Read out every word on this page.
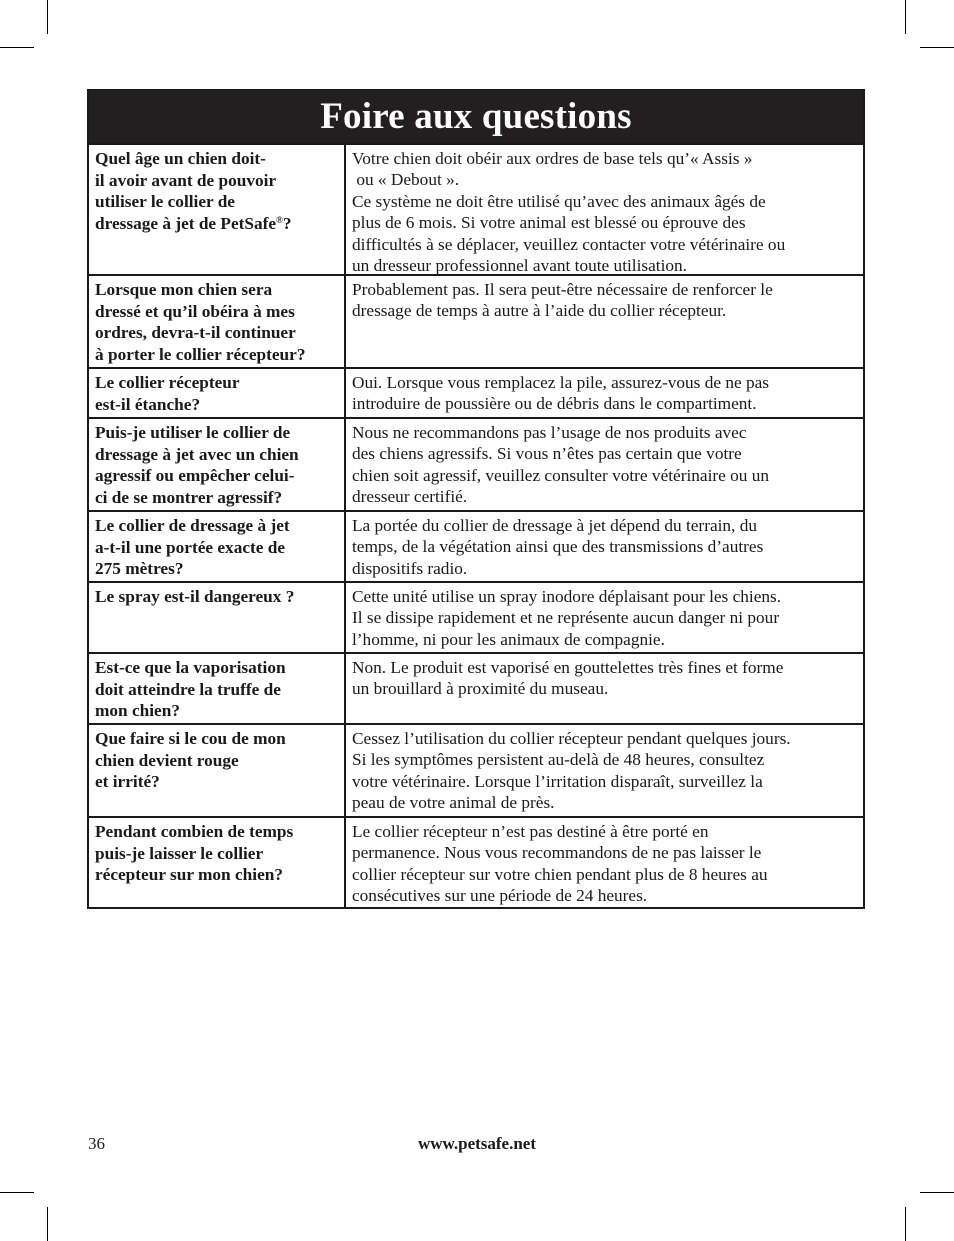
Foire aux questions
Quel âge un chien doit-
il avoir avant de pouvoir
utiliser le collier de
dressage à jet de PetSafe®?
Votre chien doit obéir aux ordres de base tels qu’« Assis »
ou « Debout ».
Ce système ne doit être utilisé qu’avec des animaux âgés de
plus de 6 mois. Si votre animal est blessé ou éprouve des
difficultés à se déplacer, veuillez contacter votre vétérinaire ou
un dresseur professionnel avant toute utilisation.
Lorsque mon chien sera
dressé et qu’il obéira à mes
ordres, devra-t-il continuer
à porter le collier récepteur?
Probablement pas. Il sera peut-être nécessaire de renforcer le
dressage de temps à autre à l’aide du collier récepteur.
Le collier récepteur
est-il étanche?
Oui. Lorsque vous remplacez la pile, assurez-vous de ne pas
introduire de poussière ou de débris dans le compartiment.
Puis-je utiliser le collier de
dressage à jet avec un chien
agressif ou empêcher celui-
ci de se montrer agressif?
Nous ne recommandons pas l’usage de nos produits avec
des chiens agressifs. Si vous n’êtes pas certain que votre
chien soit agressif, veuillez consulter votre vétérinaire ou un
dresseur certifié.
Le collier de dressage à jet
a-t-il une portée exacte de
275 mètres?
La portée du collier de dressage à jet dépend du terrain, du
temps, de la végétation ainsi que des transmissions d’autres
dispositifs radio.
Le spray est-il dangereux ?	Cette unité utilise un spray inodore déplaisant pour les chiens.
Il se dissipe rapidement et ne représente aucun danger ni pour
l’homme, ni pour les animaux de compagnie.
Est-ce que la vaporisation
doit atteindre la truffe de
mon chien?
Non. Le produit est vaporisé en gouttelettes très fines et forme
un brouillard à proximité du museau.
Que faire si le cou de mon
chien devient rouge
et irrité?
Cessez l’utilisation du collier récepteur pendant quelques jours.
Si les symptômes persistent au-delà de 48 heures, consultez
votre vétérinaire. Lorsque l’irritation disparaît, surveillez la
peau de votre animal de près.
Pendant combien de temps
puis-je laisser le collier
récepteur sur mon chien?
Le collier récepteur n’est pas destiné à être porté en
permanence. Nous vous recommandons de ne pas laisser le
collier récepteur sur votre chien pendant plus de 8 heures au
consécutives sur une période de 24 heures.
36	www.petsafe.net
